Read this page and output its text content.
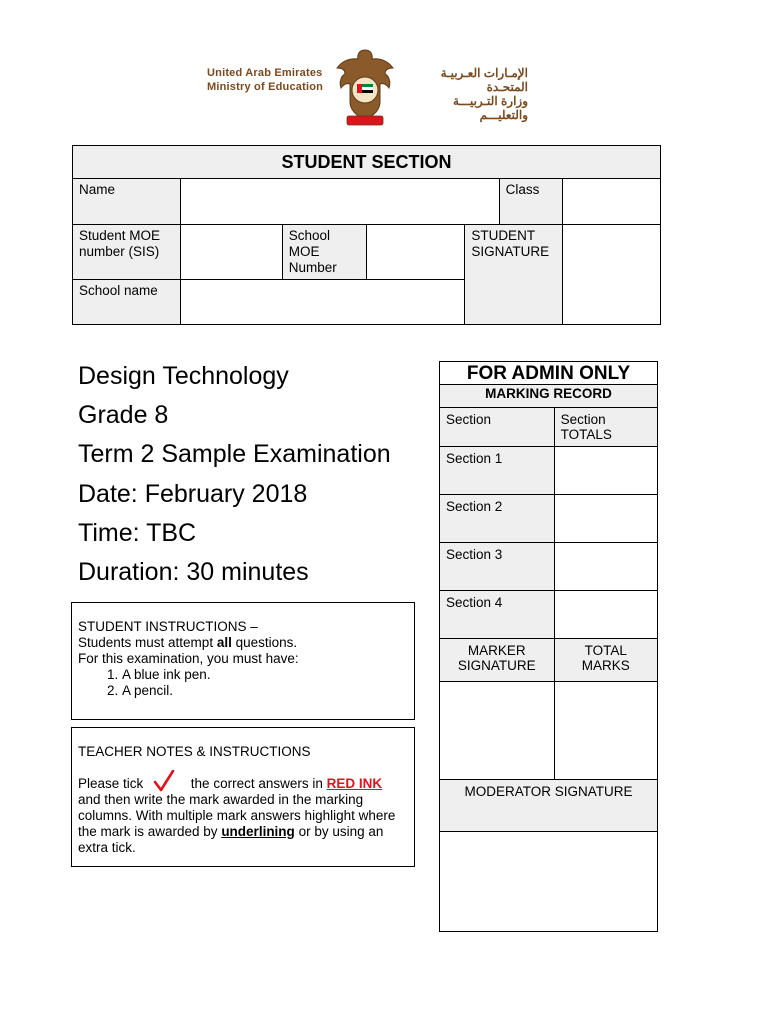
United Arab Emirates
Ministry of Education
الإمـارات العـربيـة المتحـدة
وزارة التـربيـــة والتعليـــم
STUDENT SECTION						
Name					Class	
Student MOE number (SIS)		School MOE Number		STUDENT SIGNATURE		
School name						
Design Technology
Grade 8
Term 2 Sample Examination
Date: February 2018
Time: TBC
Duration: 30 minutes
STUDENT INSTRUCTIONS –
Students must attempt all questions.
For this examination, you must have:
1. A blue ink pen.
2. A pencil.
TEACHER NOTES & INSTRUCTIONS
Please tick	the correct answers in RED INK
and then write the mark awarded in the marking columns. With multiple mark answers highlight where the mark is awarded by underlining or by using an extra tick.
FOR ADMIN ONLY	
MARKING RECORD	
Section	Section TOTALS
Section 1	
Section 2	
Section 3	
Section 4	
MARKER SIGNATURE	TOTAL MARKS

MODERATOR SIGNATURE	
